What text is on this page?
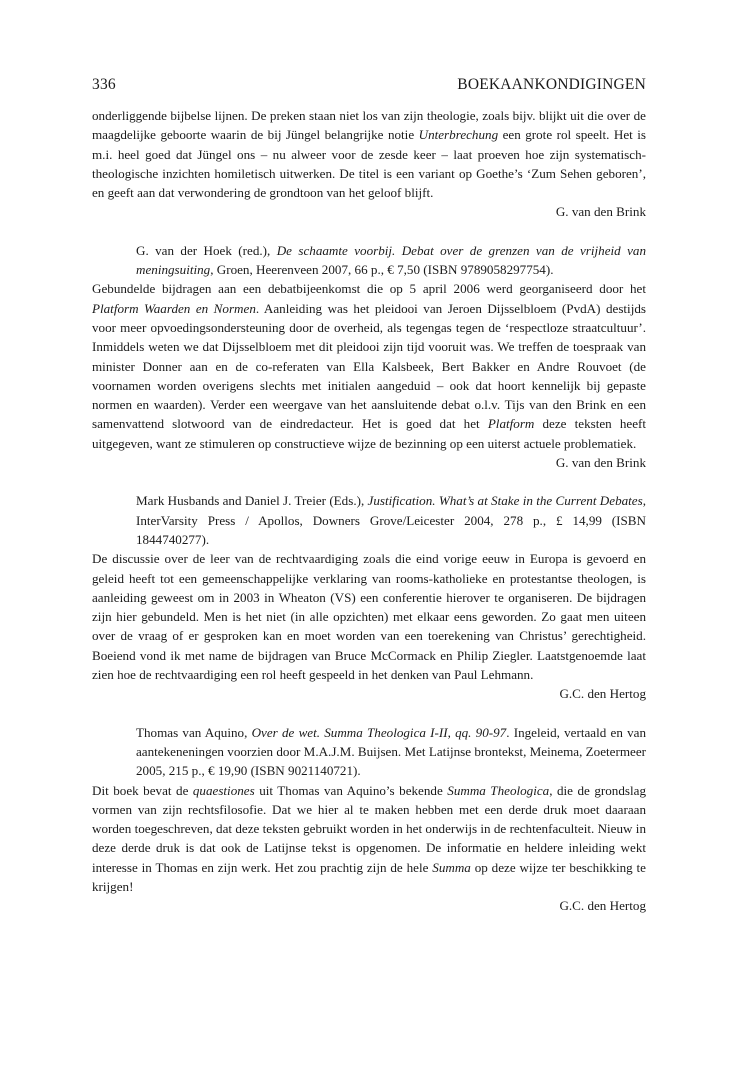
336	BOEKAANKONDIGINGEN

onderliggende bijbelse lijnen. De preken staan niet los van zijn theologie, zoals bijv. blijkt uit die over de maagdelijke geboorte waarin de bij Jüngel belangrijke notie Unterbrechung een grote rol speelt. Het is m.i. heel goed dat Jüngel ons – nu alweer voor de zesde keer – laat proeven hoe zijn systematisch-theologische inzichten homiletisch uitwerken. De titel is een variant op Goethe’s ‘Zum Sehen geboren’, en geeft aan dat verwondering de grondtoon van het geloof blijft.

G. van den Brink

G. van der Hoek (red.), De schaamte voorbij. Debat over de grenzen van de vrijheid van meningsuiting, Groen, Heerenveen 2007, 66 p., € 7,50 (ISBN 9789058297754).

Gebundelde bijdragen aan een debatbijeenkomst die op 5 april 2006 werd georganiseerd door het Platform Waarden en Normen. Aanleiding was het pleidooi van Jeroen Dijsselbloem (PvdA) destijds voor meer opvoedingsondersteuning door de overheid, als tegengas tegen de ‘respectloze straatcultuur’. Inmiddels weten we dat Dijsselbloem met dit pleidooi zijn tijd vooruit was. We treffen de toespraak van minister Donner aan en de co-referaten van Ella Kalsbeek, Bert Bakker en Andre Rouvoet (de voornamen worden overigens slechts met initialen aangeduid – ook dat hoort kennelijk bij gepaste normen en waarden). Verder een weergave van het aansluitende debat o.l.v. Tijs van den Brink en een samenvattend slotwoord van de eindredacteur. Het is goed dat het Platform deze teksten heeft uitgegeven, want ze stimuleren op constructieve wijze de bezinning op een uiterst actuele problematiek.

G. van den Brink

Mark Husbands and Daniel J. Treier (Eds.), Justification. What’s at Stake in the Current Debates, InterVarsity Press / Apollos, Downers Grove/Leicester 2004, 278 p., £ 14,99 (ISBN 1844740277).

De discussie over de leer van de rechtvaardiging zoals die eind vorige eeuw in Europa is gevoerd en geleid heeft tot een gemeenschappelijke verklaring van rooms-katholieke en protestantse theologen, is aanleiding geweest om in 2003 in Wheaton (VS) een conferentie hierover te organiseren. De bijdragen zijn hier gebundeld. Men is het niet (in alle opzichten) met elkaar eens geworden. Zo gaat men uiteen over de vraag of er gesproken kan en moet worden van een toerekening van Christus’ gerechtigheid. Boeiend vond ik met name de bijdragen van Bruce McCormack en Philip Ziegler. Laatstgenoemde laat zien hoe de rechtvaardiging een rol heeft gespeeld in het denken van Paul Lehmann.

G.C. den Hertog

Thomas van Aquino, Over de wet. Summa Theologica I-II, qq. 90-97. Ingeleid, vertaald en van aantekeneningen voorzien door M.A.J.M. Buijsen. Met Latijnse brontekst, Meinema, Zoetermeer 2005, 215 p., € 19,90 (ISBN 9021140721).

Dit boek bevat de quaestiones uit Thomas van Aquino’s bekende Summa Theologica, die de grondslag vormen van zijn rechtsfilosofie. Dat we hier al te maken hebben met een derde druk moet daaraan worden toegeschreven, dat deze teksten gebruikt worden in het onderwijs in de rechtenfaculteit. Nieuw in deze derde druk is dat ook de Latijnse tekst is opgenomen. De informatie en heldere inleiding wekt interesse in Thomas en zijn werk. Het zou prachtig zijn de hele Summa op deze wijze ter beschikking te krijgen!

G.C. den Hertog
